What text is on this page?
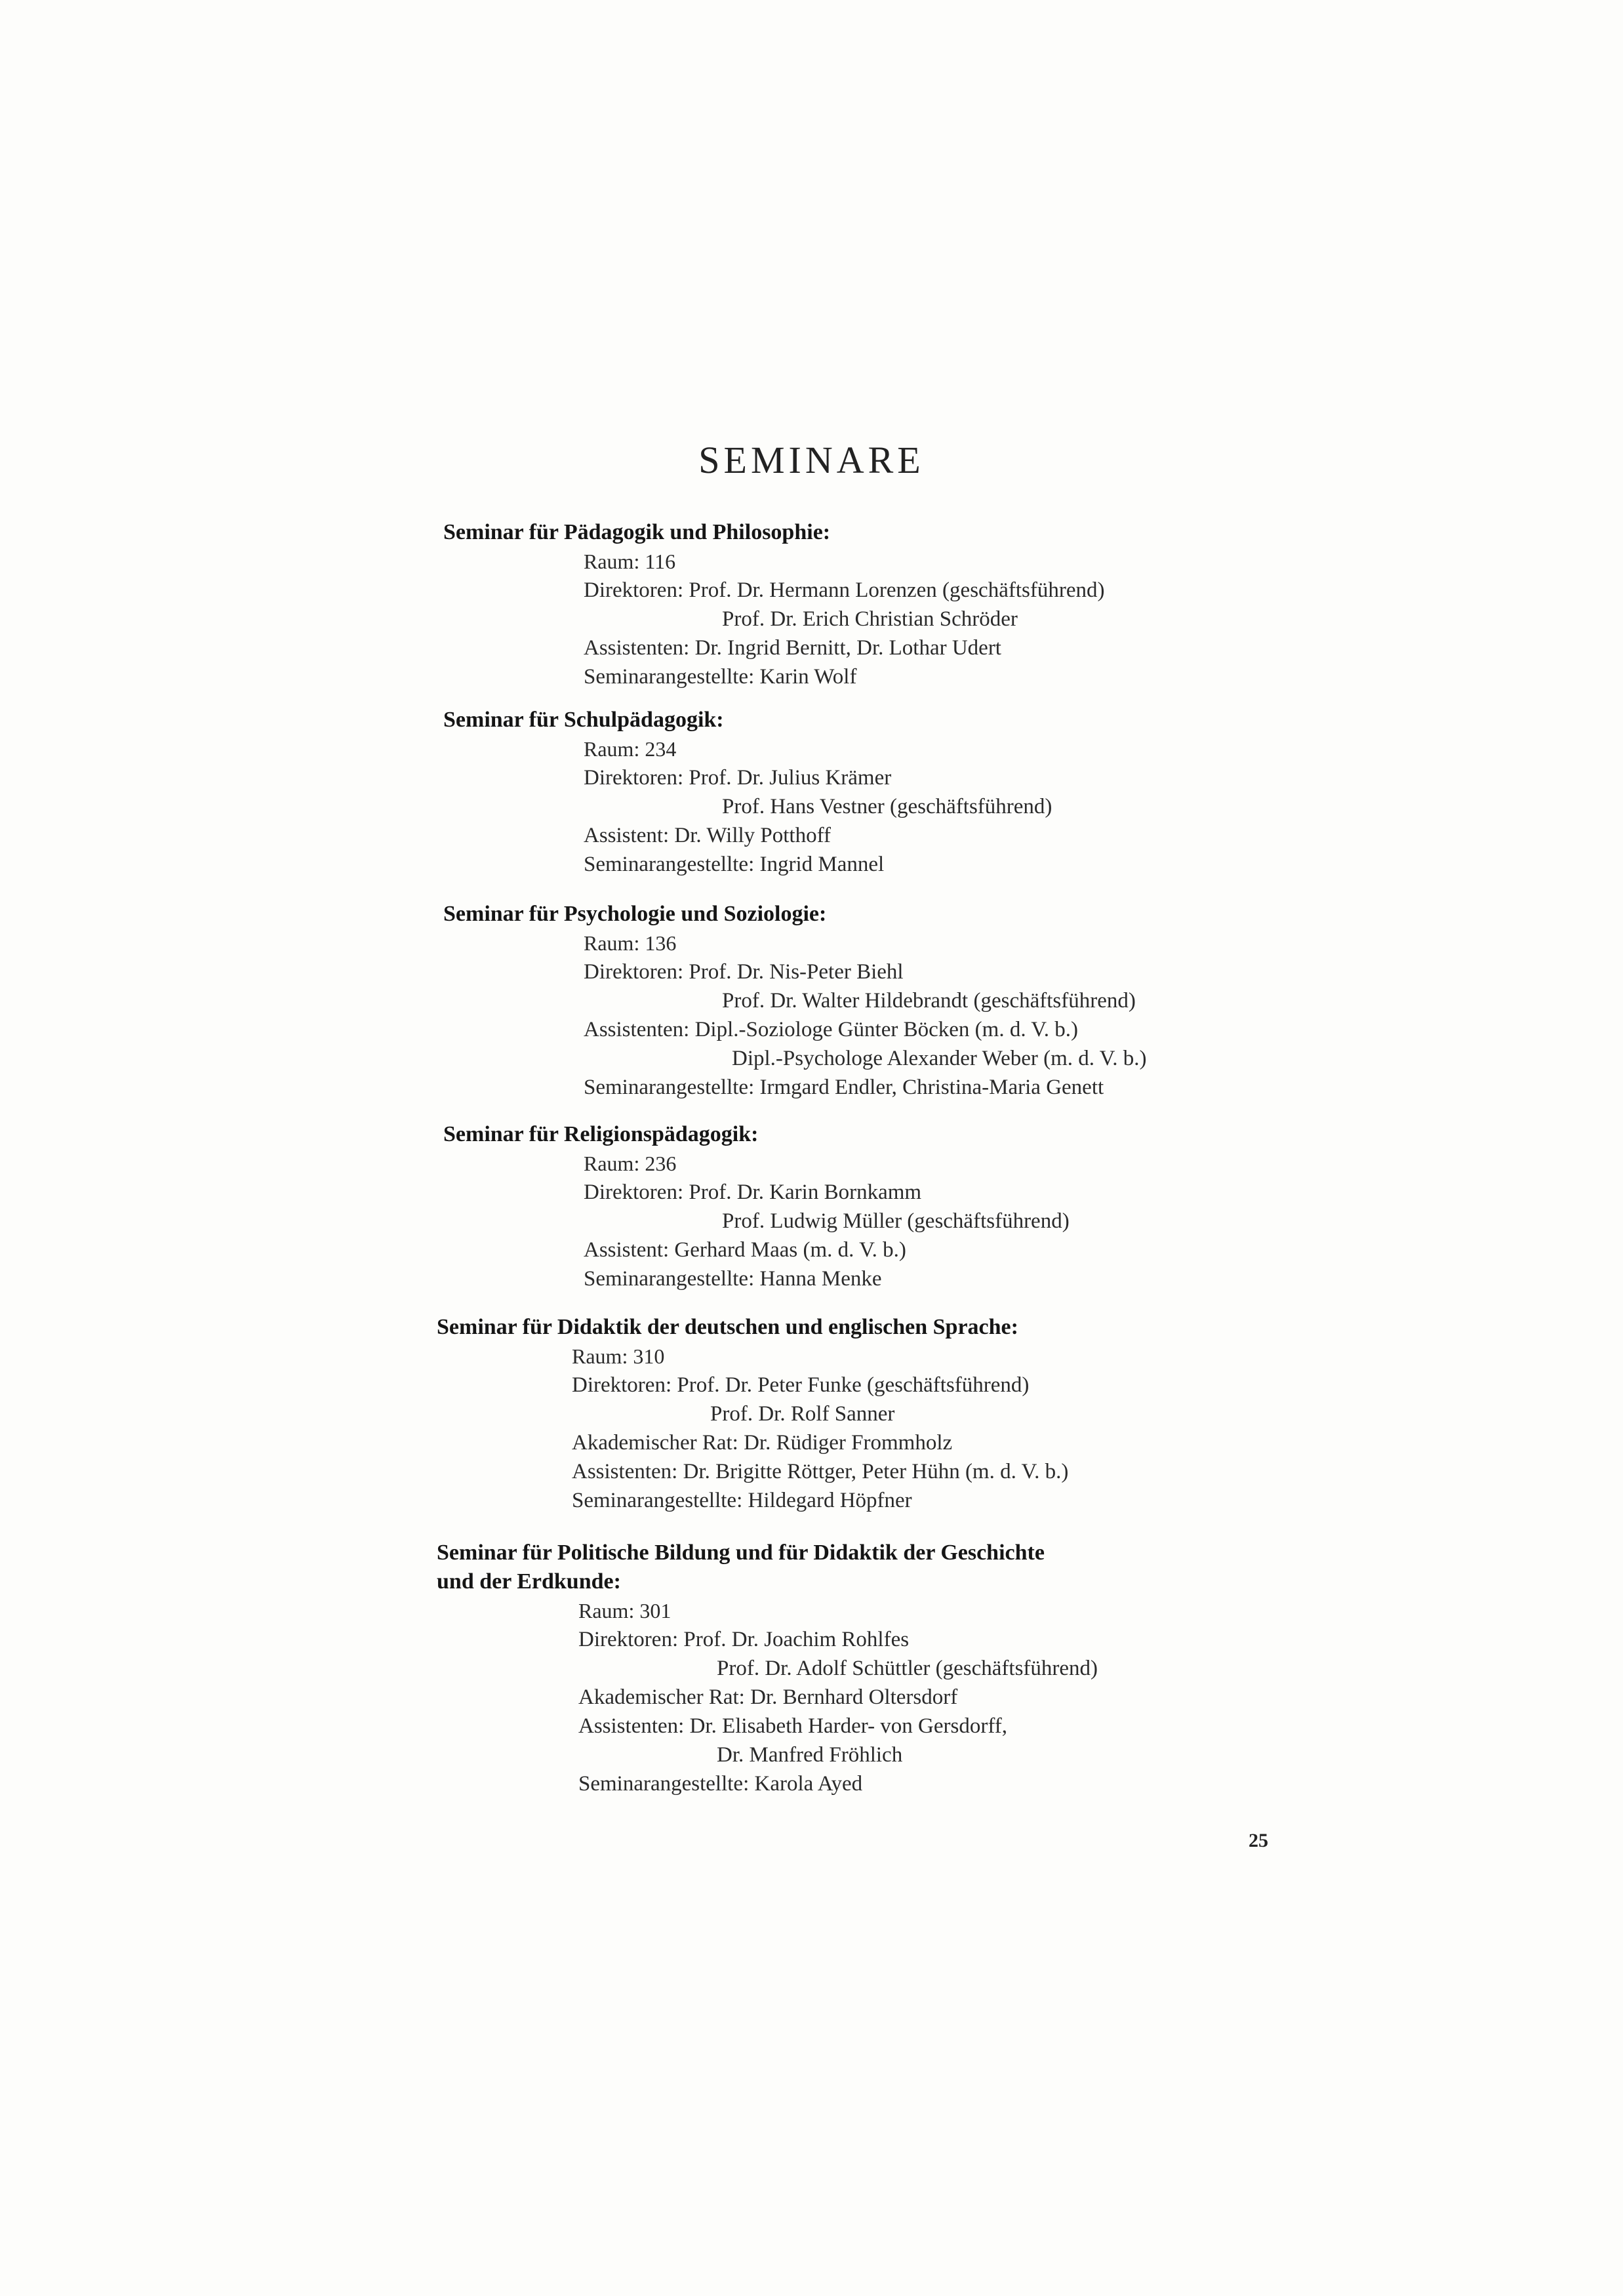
SEMINARE
Seminar für Pädagogik und Philosophie:
Raum: 116
Direktoren: Prof. Dr. Hermann Lorenzen (geschäftsführend)
Prof. Dr. Erich Christian Schröder
Assistenten: Dr. Ingrid Bernitt, Dr. Lothar Udert
Seminarangestellte: Karin Wolf
Seminar für Schulpädagogik:
Raum: 234
Direktoren: Prof. Dr. Julius Krämer
Prof. Hans Vestner (geschäftsführend)
Assistent: Dr. Willy Potthoff
Seminarangestellte: Ingrid Mannel
Seminar für Psychologie und Soziologie:
Raum: 136
Direktoren: Prof. Dr. Nis-Peter Biehl
Prof. Dr. Walter Hildebrandt (geschäftsführend)
Assistenten: Dipl.-Soziologe Günter Böcken (m. d. V. b.)
Dipl.-Psychologe Alexander Weber (m. d. V. b.)
Seminarangestellte: Irmgard Endler, Christina-Maria Genett
Seminar für Religionspädagogik:
Raum: 236
Direktoren: Prof. Dr. Karin Bornkamm
Prof. Ludwig Müller (geschäftsführend)
Assistent: Gerhard Maas (m. d. V. b.)
Seminarangestellte: Hanna Menke
Seminar für Didaktik der deutschen und englischen Sprache:
Raum: 310
Direktoren: Prof. Dr. Peter Funke (geschäftsführend)
Prof. Dr. Rolf Sanner
Akademischer Rat: Dr. Rüdiger Frommholz
Assistenten: Dr. Brigitte Röttger, Peter Hühn (m. d. V. b.)
Seminarangestellte: Hildegard Höpfner
Seminar für Politische Bildung und für Didaktik der Geschichte
und der Erdkunde:
Raum: 301
Direktoren: Prof. Dr. Joachim Rohlfes
Prof. Dr. Adolf Schüttler (geschäftsführend)
Akademischer Rat: Dr. Bernhard Oltersdorf
Assistenten: Dr. Elisabeth Harder- von Gersdorff,
Dr. Manfred Fröhlich
Seminarangestellte: Karola Ayed
25
